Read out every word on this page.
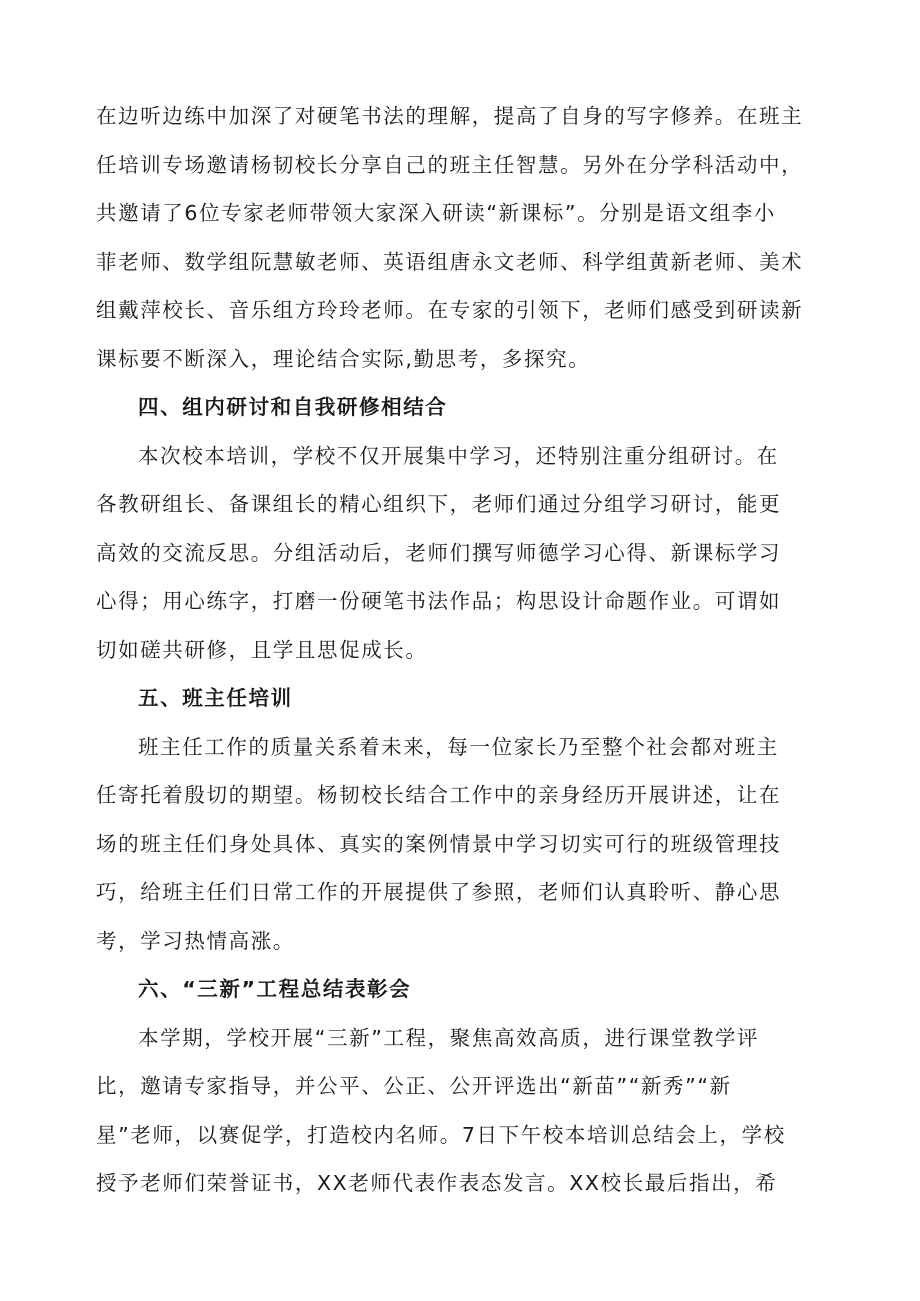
在边听边练中加深了对硬笔书法的理解，提高了自身的写字修养。在班主
任培训专场邀请杨韧校长分享自己的班主任智慧。另外在分学科活动中，
共邀请了6位专家老师带领大家深入研读“新课标”。分别是语文组李小
菲老师、数学组阮慧敏老师、英语组唐永文老师、科学组黄新老师、美术
组戴萍校长、音乐组方玲玲老师。在专家的引领下，老师们感受到研读新
课标要不断深入，理论结合实际,勤思考，多探究。
四、组内研讨和自我研修相结合
本次校本培训，学校不仅开展集中学习，还特别注重分组研讨。在
各教研组长、备课组长的精心组织下，老师们通过分组学习研讨，能更
高效的交流反思。分组活动后，老师们撰写师德学习心得、新课标学习
心得；用心练字，打磨一份硬笔书法作品；构思设计命题作业。可谓如
切如磋共研修，且学且思促成长。
五、班主任培训
班主任工作的质量关系着未来，每一位家长乃至整个社会都对班主
任寄托着殷切的期望。杨韧校长结合工作中的亲身经历开展讲述，让在
场的班主任们身处具体、真实的案例情景中学习切实可行的班级管理技
巧，给班主任们日常工作的开展提供了参照，老师们认真聆听、静心思
考，学习热情高涨。
六、“三新”工程总结表彰会
本学期，学校开展“三新”工程，聚焦高效高质，进行课堂教学评
比，邀请专家指导，并公平、公正、公开评选出“新苗”“新秀”“新
星”老师，以赛促学，打造校内名师。7日下午校本培训总结会上，学校
授予老师们荣誉证书，XX老师代表作表态发言。XX校长最后指出，希
